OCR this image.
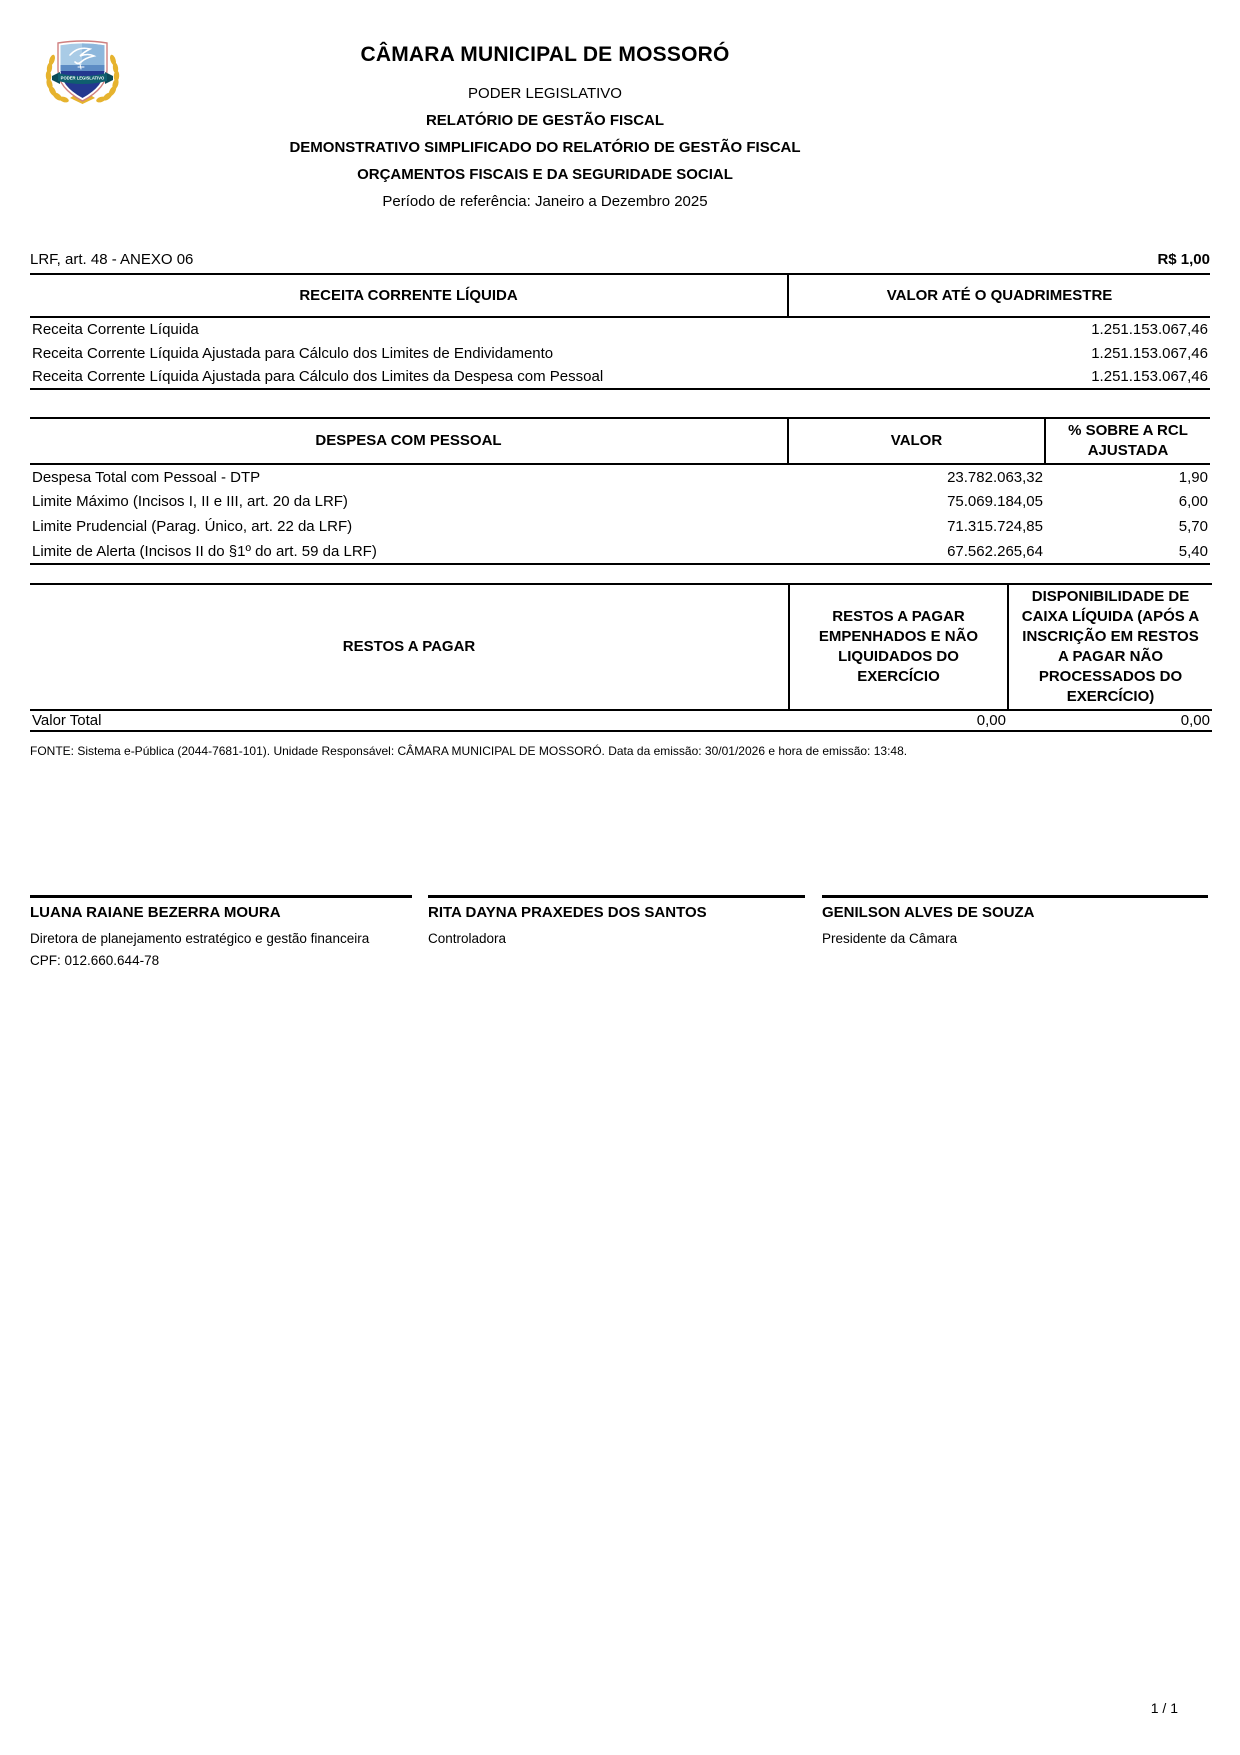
PODER LEGISLATIVO
CÂMARA MUNICIPAL DE MOSSORÓ
PODER LEGISLATIVO
RELATÓRIO DE GESTÃO FISCAL
DEMONSTRATIVO SIMPLIFICADO DO RELATÓRIO DE GESTÃO FISCAL
ORÇAMENTOS FISCAIS E DA SEGURIDADE SOCIAL
Período de referência: Janeiro a Dezembro 2025
LRF, art. 48 - ANEXO 06	R$ 1,00
RECEITA CORRENTE LÍQUIDA	VALOR ATÉ O QUADRIMESTRE
Receita Corrente Líquida	1.251.153.067,46
Receita Corrente Líquida Ajustada para Cálculo dos Limites de Endividamento	1.251.153.067,46
Receita Corrente Líquida Ajustada para Cálculo dos Limites da Despesa com Pessoal	1.251.153.067,46
DESPESA COM PESSOAL	VALOR	% SOBRE A RCL AJUSTADA
Despesa Total com Pessoal - DTP	23.782.063,32	1,90
Limite Máximo (Incisos I, II e III, art. 20 da LRF)	75.069.184,05	6,00
Limite Prudencial (Parag. Único, art. 22 da LRF)	71.315.724,85	5,70
Limite de Alerta (Incisos II do §1º do art. 59 da LRF)	67.562.265,64	5,40
RESTOS A PAGAR	RESTOS A PAGAR EMPENHADOS E NÃO LIQUIDADOS DO EXERCÍCIO	DISPONIBILIDADE DE CAIXA LÍQUIDA (APÓS A INSCRIÇÃO EM RESTOS A PAGAR NÃO PROCESSADOS DO EXERCÍCIO)
Valor Total	0,00	0,00
FONTE: Sistema e-Pública (2044-7681-101). Unidade Responsável: CÂMARA MUNICIPAL DE MOSSORÓ. Data da emissão: 30/01/2026 e hora de emissão: 13:48.
LUANA RAIANE BEZERRA MOURA
Diretora de planejamento estratégico e gestão financeira
CPF: 012.660.644-78
RITA DAYNA PRAXEDES DOS SANTOS
Controladora
GENILSON ALVES DE SOUZA
Presidente da Câmara
1 / 1
